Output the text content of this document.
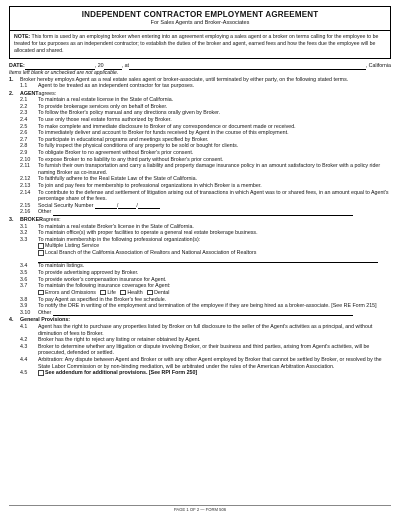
INDEPENDENT CONTRACTOR EMPLOYMENT AGREEMENT
For Sales Agents and Broker-Associates
NOTE: This form is used by an employing broker when entering into an agreement employing a sales agent or a broker on terms calling for the employee to be treated for tax purposes as an independent contractor; to establish the duties of the broker and agent, earned fees and how the fees due the employee will be allocated and shared.
DATE:	, 20	, at	, California
Items left blank or unchecked are not applicable.
1.	Broker hereby employs Agent as a real estate sales agent or broker-associate, until terminated by either party, on the following stated terms.
1.1	Agent to be treated as an independent contractor for tax purposes.
2.	AGENT agrees:
2.1	To maintain a real estate license in the State of California.
2.2	To provide brokerage services only on behalf of Broker.
2.3	To follow the Broker's policy manual and any directions orally given by Broker.
2.4	To use only those real estate forms authorized by Broker.
2.5	To make complete and immediate disclosure to Broker of any correspondence or document made or received.
2.6	To immediately deliver and account to Broker for funds received by Agent in the course of this employment.
2.7	To participate in educational programs and meetings specified by Broker.
2.8	To fully inspect the physical conditions of any property to be sold or bought for clients.
2.9	To obligate Broker to no agreement without Broker's prior consent.
2.10	To expose Broker to no liability to any third party without Broker's prior consent.
2.11	To furnish their own transportation and carry a liability and property damage insurance policy in an amount satisfactory to Broker with a policy rider naming Broker as co-insured.
2.12	To faithfully adhere to the Real Estate Law of the State of California.
2.13	To join and pay fees for membership to professional organizations in which Broker is a member.
2.14	To contribute to the defense and settlement of litigation arising out of transactions in which Agent was to or shared fees, in an amount equal to Agent's percentage share of the fees.
2.15	Social Security Number	/	/
2.16	Other
3.	BROKER agrees:
3.1	To maintain a real estate Broker's license in the State of California.
3.2	To maintain office(s) with proper facilities to operate a general real estate brokerage business.
3.3	To maintain membership in the following professional organization(s):
Multiple Listing Service
Local Branch of the California Association of Realtors and National Association of Realtors
3.4	To maintain listings.
3.5	To provide advertising approved by Broker.
3.6	To provide worker's compensation insurance for Agent.
3.7	To maintain the following insurance coverages for Agent:
Errors and Omissions Life Health Dental
3.8	To pay Agent as specified in the Broker's fee schedule.
3.9	To notify the DRE in writing of the employment and termination of the employee if they are being hired as a broker-associate. [See RE Form 215]
3.10	Other
4.	General Provisions:
4.1	Agent has the right to purchase any properties listed by Broker on full disclosure to the seller of the Agent's activities as a principal, and without diminution of fees to Broker.
4.2	Broker has the right to reject any listing or retainer obtained by Agent.
4.3	Broker to determine whether any litigation or dispute involving Broker, or their business and third parties, arising from Agent's activities, will be prosecuted, defended or settled.
4.4	Arbitration: Any dispute between Agent and Broker or with any other Agent employed by Broker that cannot be settled by Broker, or resolved by the State Labor Commission or by non-binding mediation, will be arbitrated under the rules of the American Arbitration Association.
4.5	See addendum for additional provisions. [See RPI Form 250]
PAGE 1 OF 2 — FORM 506
